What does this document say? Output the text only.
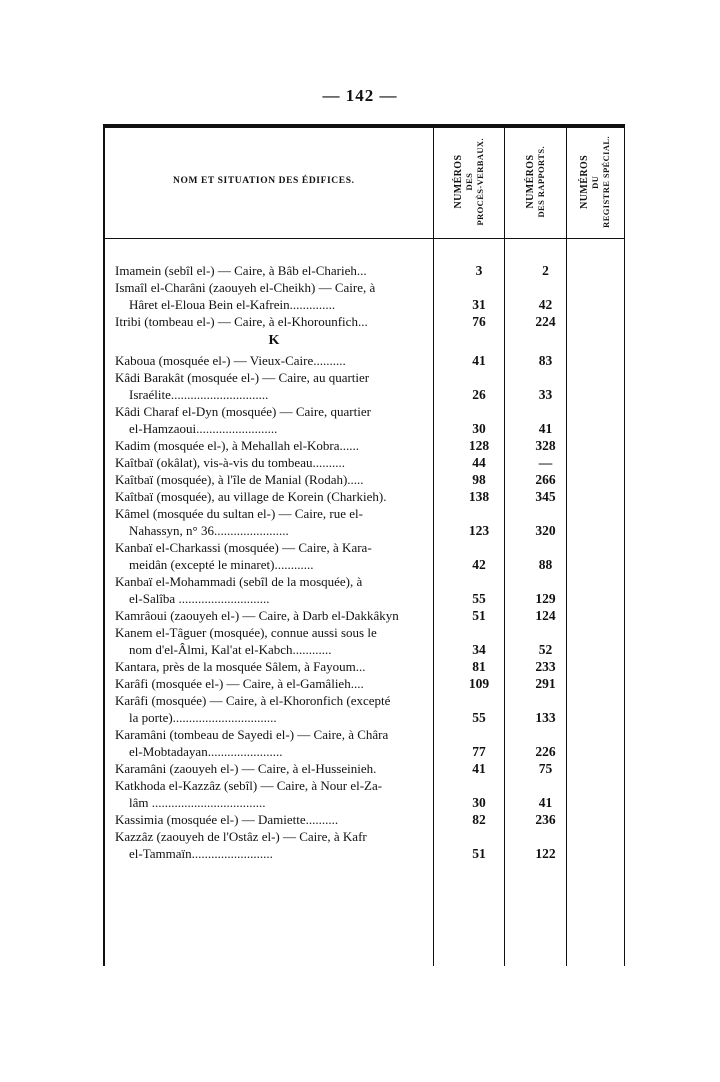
— 142 —
NOM ET SITUATION DES ÉDIFICES.	NUMÉROS DES PROCÈS-VERBAUX.	NUMÉROS DES RAPPORTS.	NUMÉROS DU REGISTRE SPÉCIAL.
Imamein (sebîl el-) — Caire, à Bâb el-Charieh...	3	2
Ismaîl el-Charâni (zaouyeh el-Cheikh) — Caire, à
Hâret el-Eloua Bein el-Kafrein..............	31	42
Itribi (tombeau el-) — Caire, à el-Khorounfich...	76	224
K
Kaboua (mosquée el-) — Vieux-Caire..........	41	83
Kâdi Barakât (mosquée el-) — Caire, au quartier
Israélite..............................	26	33
Kâdi Charaf el-Dyn (mosquée) — Caire, quartier
el-Hamzaoui.........................	30	41
Kadim (mosquée el-), à Mehallah el-Kobra......	128	328
Kaîtbaï (okâlat), vis-à-vis du tombeau..........	44	—
Kaîtbaï (mosquée), à l'île de Manial (Rodah).....	98	266
Kaîtbaï (mosquée), au village de Korein (Charkieh).	138	345
Kâmel (mosquée du sultan el-) — Caire, rue el-
Nahassyn, n° 36.......................	123	320
Kanbaï el-Charkassi (mosquée) — Caire, à Kara-
meidân (excepté le minaret)............	42	88
Kanbaï el-Mohammadi (sebîl de la mosquée), à
el-Salîba ............................	55	129
Kamrâoui (zaouyeh el-) — Caire, à Darb el-Dakkâkyn	51	124
Kanem el-Tâguer (mosquée), connue aussi sous le
nom d'el-Âlmi, Kal'at el-Kabch............	34	52
Kantara, près de la mosquée Sâlem, à Fayoum...	81	233
Karâfi (mosquée el-) — Caire, à el-Gamâlieh....	109	291
Karâfi (mosquée) — Caire, à el-Khoronfich (excepté
la porte)................................	55	133
Karamâni (tombeau de Sayedi el-) — Caire, à Châra
el-Mobtadayan.......................	77	226
Karamâni (zaouyeh el-) — Caire, à el-Husseinieh.	41	75
Katkhoda el-Kazzâz (sebîl) — Caire, à Nour el-Za-
lâm ...................................	30	41
Kassimia (mosquée el-) — Damiette..........	82	236
Kazzâz (zaouyeh de l'Ostâz el-) — Caire, à Kafr
el-Tammaïn.........................	51	122
